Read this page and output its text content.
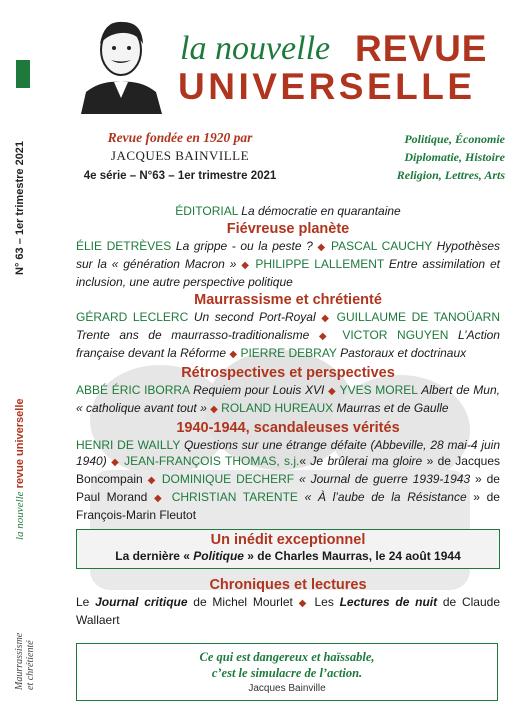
N° 63 – 1er trimestre 2021
la nouvelle revue universelle
Maurrassisme et chrétienté
la nouvelle REVUE
UNIVERSELLE
Revue fondée en 1920 par
JACQUES BAINVILLE
4e série – N°63 – 1er trimestre 2021
Politique, Économie
Diplomatie, Histoire
Religion, Lettres, Arts
ÉDITORIAL La démocratie en quarantaine
Fiévreuse planète
ÉLIE DETRÈVES La grippe - ou la peste ? ◆ PASCAL CAUCHY Hypothèses sur la « génération Macron » ◆ PHILIPPE LALLEMENT Entre assimilation et inclusion, une autre perspective politique
Maurrassisme et chrétienté
GÉRARD LECLERC Un second Port-Royal ◆ GUILLAUME DE TANOÜARN Trente ans de maurrasso-traditionalisme ◆ VICTOR NGUYEN L’Action française devant la Réforme ◆ PIERRE DEBRAY Pastoraux et doctrinaux
Rétrospectives et perspectives
ABBÉ ÉRIC IBORRA Requiem pour Louis XVI ◆ YVES MOREL Albert de Mun, « catholique avant tout » ◆ ROLAND HUREAUX Maurras et de Gaulle
1940-1944, scandaleuses vérités
HENRI DE WAILLY Questions sur une étrange défaite (Abbeville, 28 mai-4 juin 1940) ◆ JEAN-FRANÇOIS THOMAS, s.j.« Je brûlerai ma gloire » de Jacques Boncompain ◆ DOMINIQUE DECHERF « Journal de guerre 1939-1943 » de Paul Morand ◆ CHRISTIAN TARENTE « À l’aube de la Résistance » de François-Marin Fleutot
Un inédit exceptionnel
La dernière « Politique » de Charles Maurras, le 24 août 1944
Chroniques et lectures
Le Journal critique de Michel Mourlet ◆ Les Lectures de nuit de Claude Wallaert
Ce qui est dangereux et haïssable,
c’est le simulacre de l’action.
Jacques Bainville
